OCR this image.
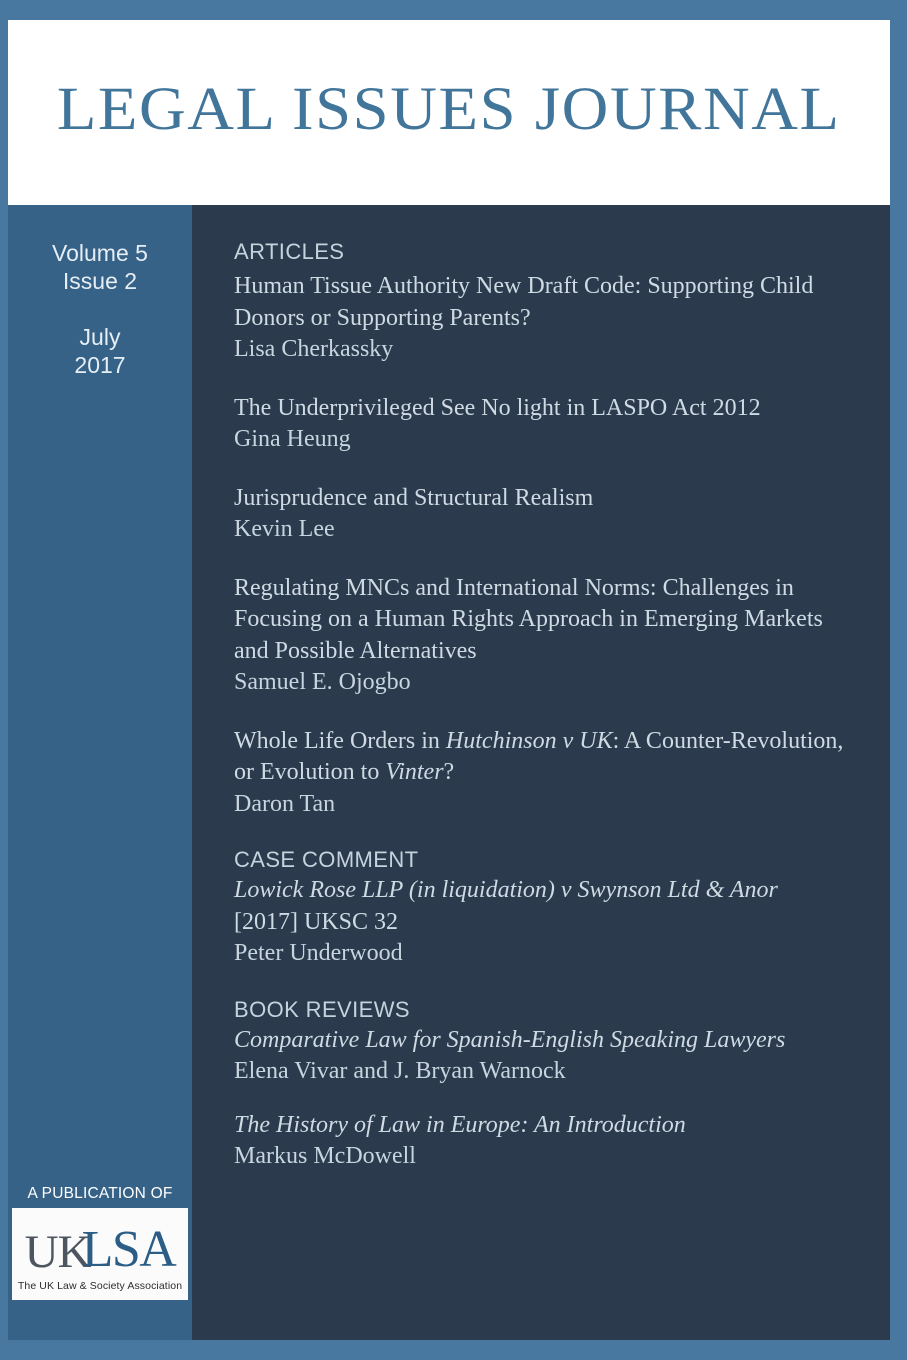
LEGAL ISSUES JOURNAL
Volume 5
Issue 2
July
2017
A PUBLICATION OF
UK
LSA
The UK Law & Society Association
ARTICLES

Human Tissue Authority New Draft Code: Supporting Child Donors or Supporting Parents?

Lisa Cherkassky

The Underprivileged See No light in LASPO Act 2012

Gina Heung

Jurisprudence and Structural Realism

Kevin Lee

Regulating MNCs and International Norms: Challenges in Focusing on a Human Rights Approach in Emerging Markets and Possible Alternatives

Samuel E. Ojogbo

Whole Life Orders in Hutchinson v UK: A Counter-Revolution, or Evolution to Vinter?

Daron Tan

CASE COMMENT

Lowick Rose LLP (in liquidation) v Swynson Ltd & Anor

[2017] UKSC 32

Peter Underwood

BOOK REVIEWS

Comparative Law for Spanish-English Speaking Lawyers

Elena Vivar and J. Bryan Warnock

The History of Law in Europe: An Introduction

Markus McDowell
